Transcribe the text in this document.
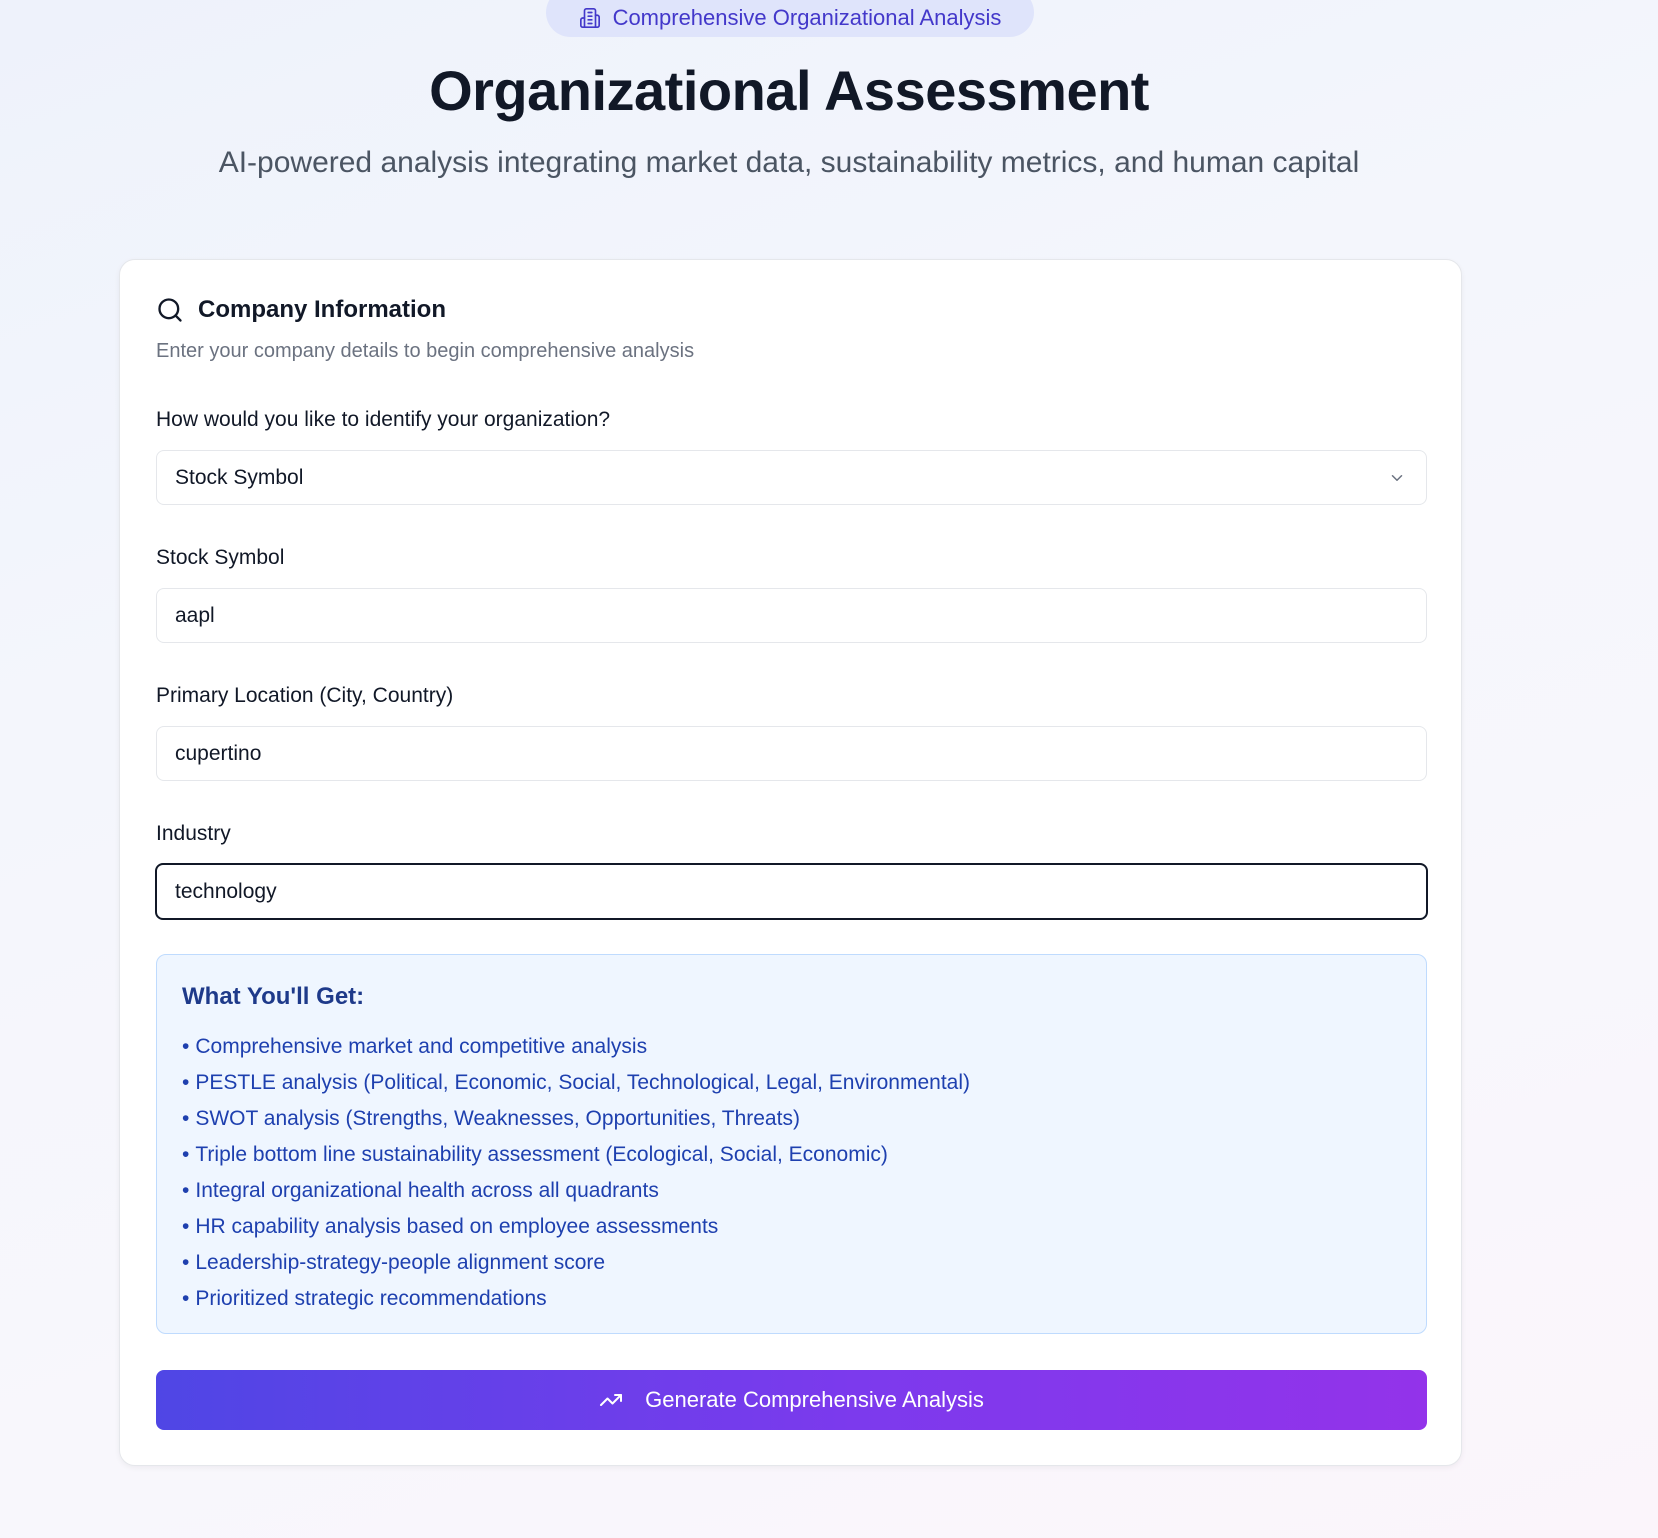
Comprehensive Organizational Analysis
Organizational Assessment

AI-powered analysis integrating market data, sustainability metrics, and human capital

Company Information

Enter your company details to begin comprehensive analysis

How would you like to identify your organization?
Stock Symbol
Stock Symbol
aapl
Primary Location (City, Country)
cupertino
Industry
technology
What You'll Get:
• Comprehensive market and competitive analysis
• PESTLE analysis (Political, Economic, Social, Technological, Legal, Environmental)
• SWOT analysis (Strengths, Weaknesses, Opportunities, Threats)
• Triple bottom line sustainability assessment (Ecological, Social, Economic)
• Integral organizational health across all quadrants
• HR capability analysis based on employee assessments
• Leadership-strategy-people alignment score
• Prioritized strategic recommendations
Generate Comprehensive Analysis
